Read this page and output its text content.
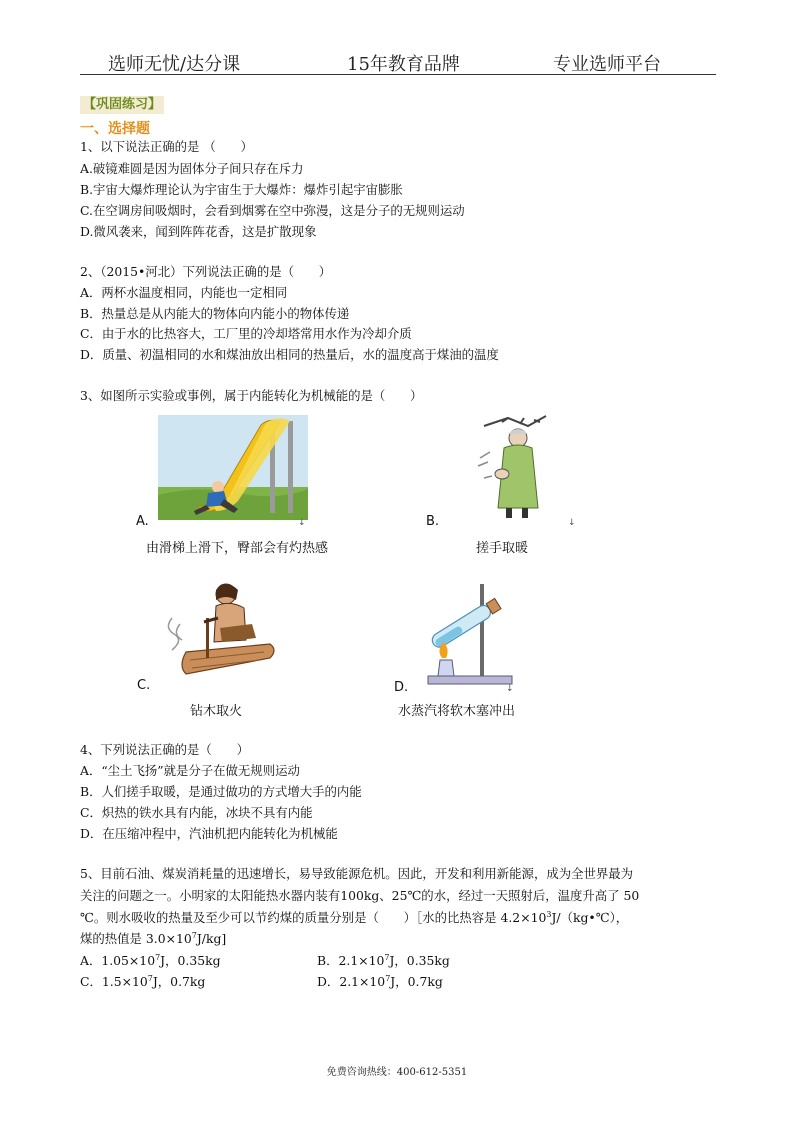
选师无忧/达分课	15年教育品牌	专业选师平台
【巩固练习】
一、选择题
1、以下说法正确的是 （　　）
A.破镜难圆是因为固体分子间只存在斥力
B.宇宙大爆炸理论认为宇宙生于大爆炸：爆炸引起宇宙膨胀
C.在空调房间吸烟时，会看到烟雾在空中弥漫，这是分子的无规则运动
D.微风袭来，闻到阵阵花香，这是扩散现象
2、（2015•河北）下列说法正确的是（　　）
A．两杯水温度相同，内能也一定相同
B．热量总是从内能大的物体向内能小的物体传递
C．由于水的比热容大，工厂里的冷却塔常用水作为冷却介质
D．质量、初温相同的水和煤油放出相同的热量后，水的温度高于煤油的温度
3、如图所示实验或事例，属于内能转化为机械能的是（　　）
A.	↓
由滑梯上滑下，臀部会有灼热感
B.	↓
搓手取暖
C.
钻木取火
D.	↓
水蒸汽将软木塞冲出
4、下列说法正确的是（　　）
A．“尘土飞扬”就是分子在做无规则运动
B．人们搓手取暖，是通过做功的方式增大手的内能
C．炽热的铁水具有内能，冰块不具有内能
D．在压缩冲程中，汽油机把内能转化为机械能
5、目前石油、煤炭消耗量的迅速增长，易导致能源危机。因此，开发和利用新能源，成为全世界最为
关注的问题之一。小明家的太阳能热水器内装有100kg、25℃的水，经过一天照射后，温度升高了 50
℃。则水吸收的热量及至少可以节约煤的质量分别是（　　）［水的比热容是 $4.2\times 10^3J/(kg•℃)$，
煤的热值是 $3.0\times 10^7J/kg$]
A．$1.05\times 10^7J$，0.35kg	B．$2.1\times 10^7J$，0.35kg
C．$1.5\times 10^7J$，0.7kg	D．$2.1\times 10^7J$，0.7kg
免费咨询热线：400-612-5351
